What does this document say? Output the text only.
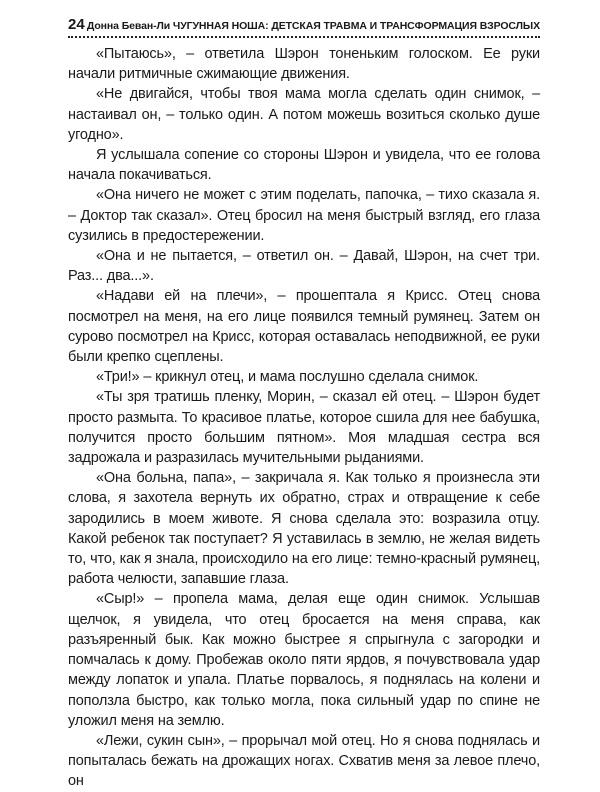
24 Донна Беван-Ли ЧУГУННАЯ НОША: ДЕТСКАЯ ТРАВМА И ТРАНСФОРМАЦИЯ ВЗРОСЛЫХ

«Пытаюсь», – ответила Шэрон тоненьким голоском. Ее руки начали ритмичные сжимающие движения.

«Не двигайся, чтобы твоя мама могла сделать один снимок, – настаивал он, – только один. А потом можешь возиться сколько душе угодно».

Я услышала сопение со стороны Шэрон и увидела, что ее голова начала покачиваться.

«Она ничего не может с этим поделать, папочка, – тихо сказала я. – Доктор так сказал». Отец бросил на меня быстрый взгляд, его глаза сузились в предостережении.

«Она и не пытается, – ответил он. – Давай, Шэрон, на счет три. Раз... два...».

«Надави ей на плечи», – прошептала я Крисс. Отец снова посмотрел на меня, на его лице появился темный румянец. Затем он сурово посмотрел на Крисс, которая оставалась неподвижной, ее руки были крепко сцеплены.

«Три!» – крикнул отец, и мама послушно сделала снимок.

«Ты зря тратишь пленку, Морин, – сказал ей отец. – Шэрон будет просто размыта. То красивое платье, которое сшила для нее бабушка, получится просто большим пятном». Моя младшая сестра вся задрожала и разразилась мучительными рыданиями.

«Она больна, папа», – закричала я. Как только я произнесла эти слова, я захотела вернуть их обратно, страх и отвращение к себе зародились в моем животе. Я снова сделала это: возразила отцу. Какой ребенок так поступает? Я уставилась в землю, не желая видеть то, что, как я знала, происходило на его лице: темно-красный румянец, работа челюсти, запавшие глаза.

«Сыр!» – пропела мама, делая еще один снимок. Услышав щелчок, я увидела, что отец бросается на меня справа, как разъяренный бык. Как можно быстрее я спрыгнула с загородки и помчалась к дому. Пробежав около пяти ярдов, я почувствовала удар между лопаток и упала. Платье порвалось, я поднялась на колени и поползла быстро, как только могла, пока сильный удар по спине не уложил меня на землю.

«Лежи, сукин сын», – прорычал мой отец. Но я снова поднялась и попыталась бежать на дрожащих ногах. Схватив меня за левое плечо, он
